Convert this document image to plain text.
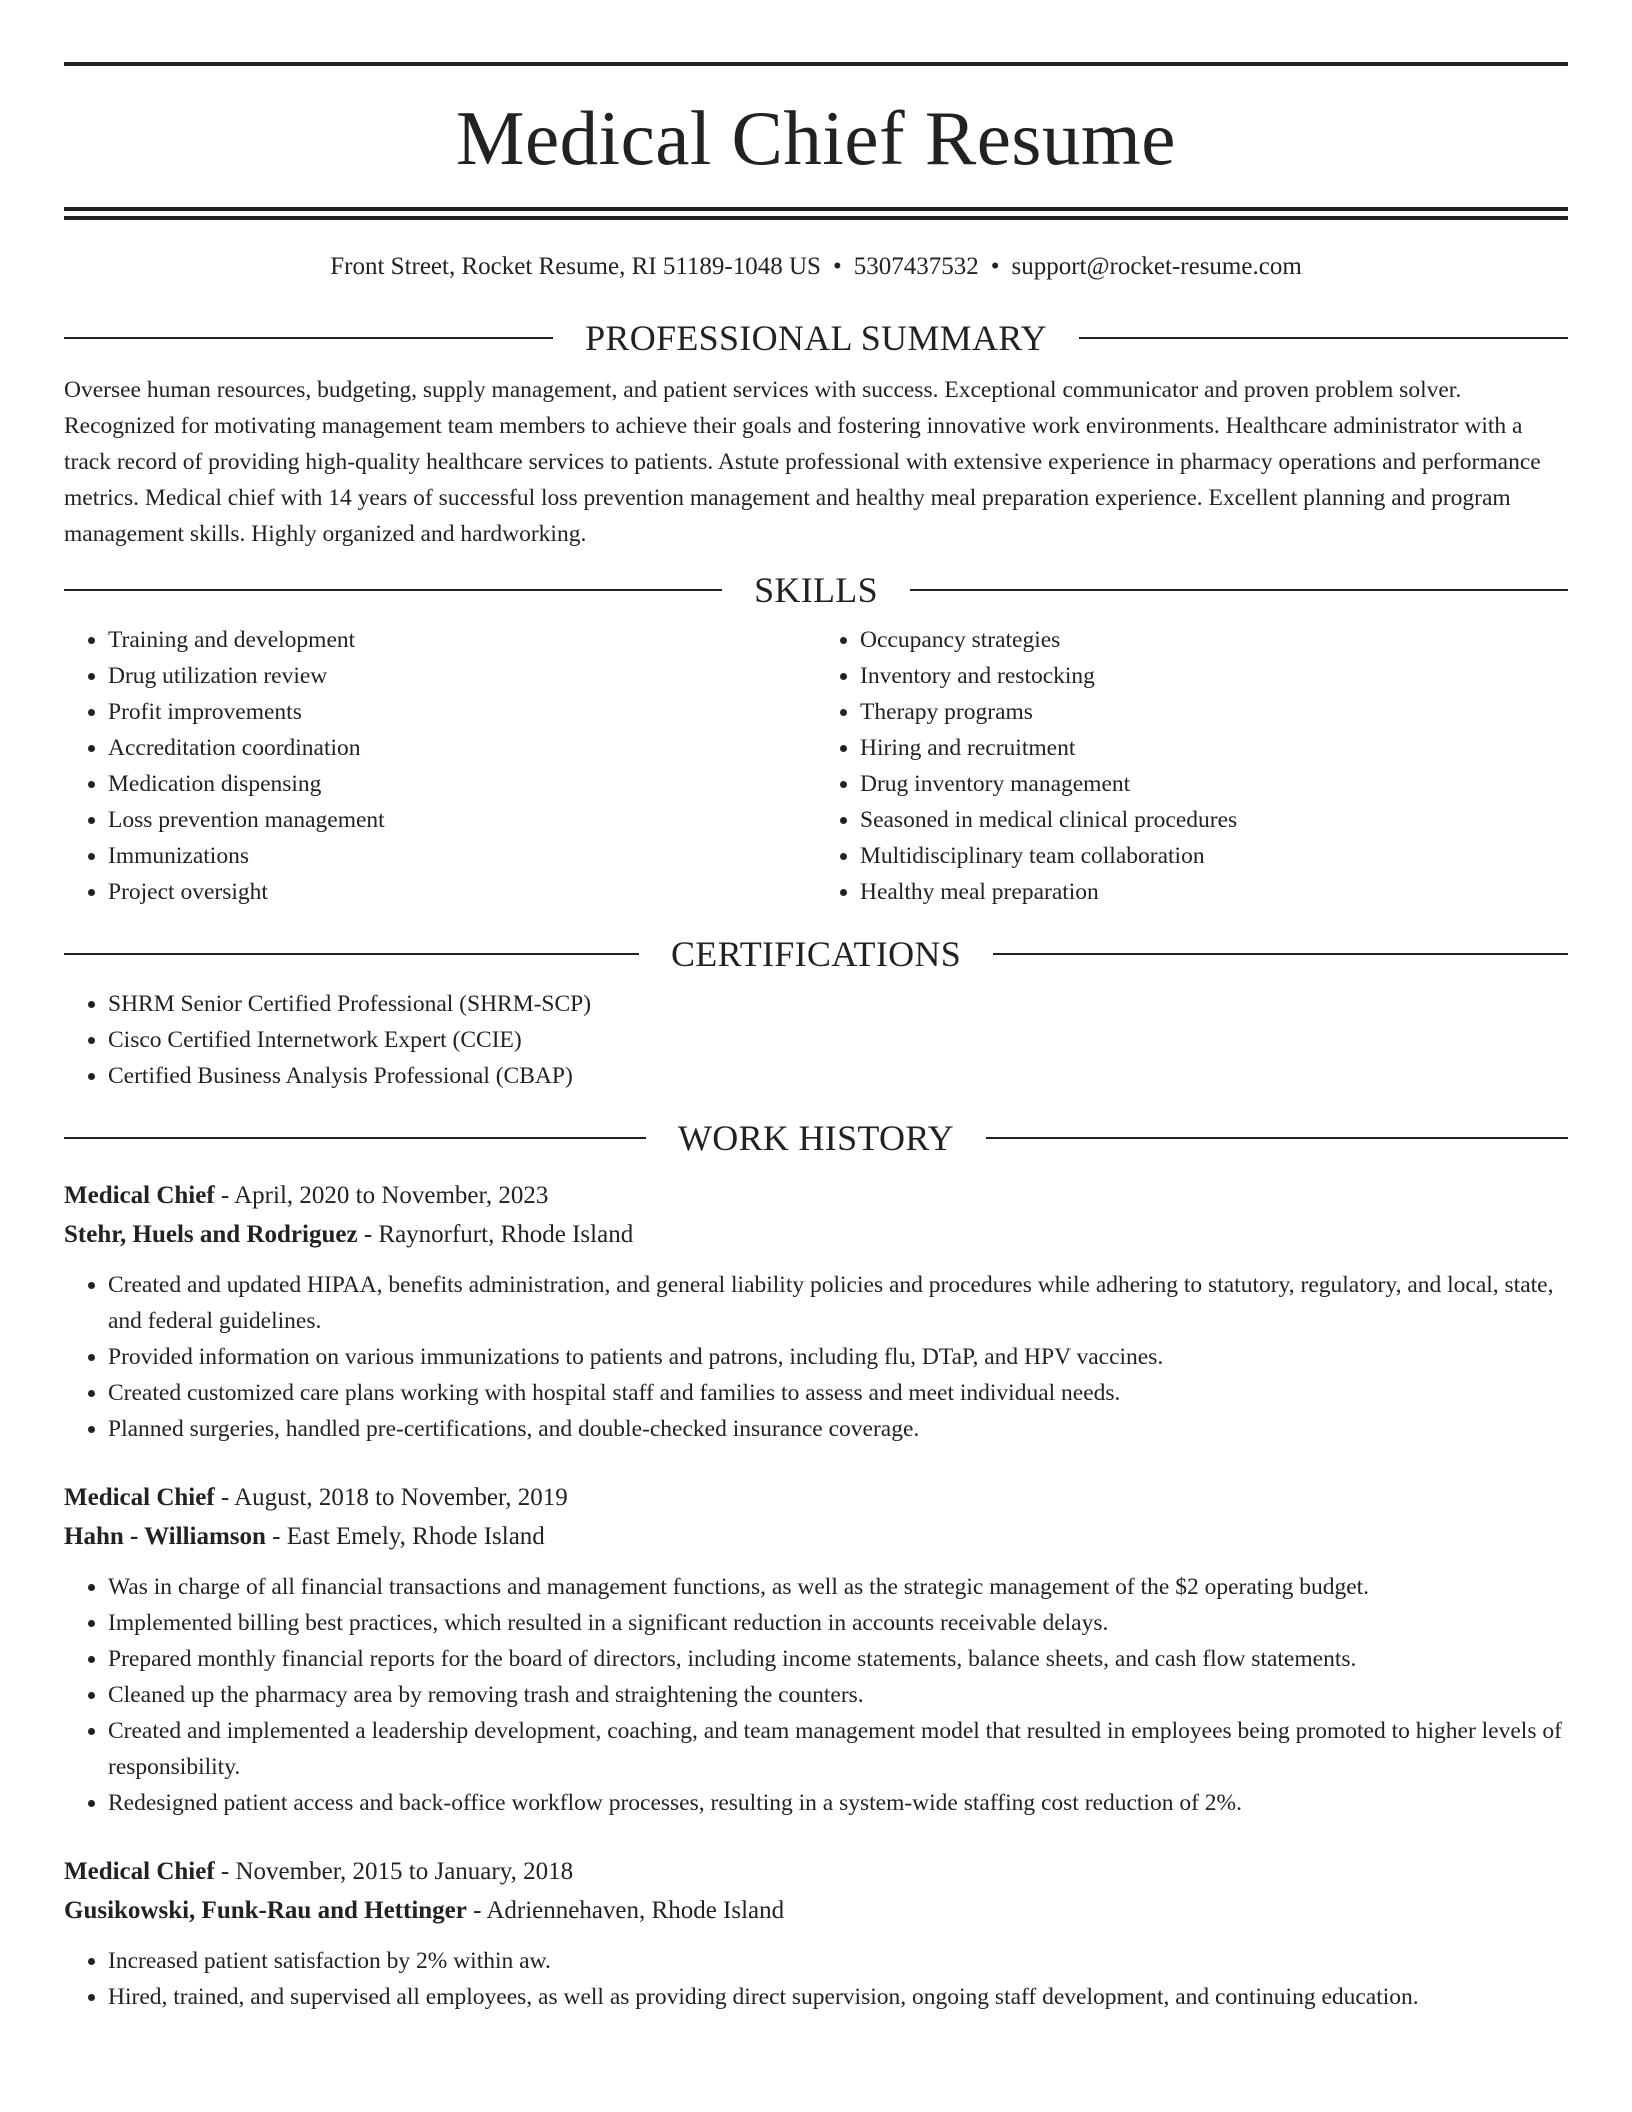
Medical Chief Resume
Front Street, Rocket Resume, RI 51189-1048 US • 5307437532 • support@rocket-resume.com
PROFESSIONAL SUMMARY

Oversee human resources, budgeting, supply management, and patient services with success. Exceptional communicator and proven problem solver. Recognized for motivating management team members to achieve their goals and fostering innovative work environments. Healthcare administrator with a track record of providing high-quality healthcare services to patients. Astute professional with extensive experience in pharmacy operations and performance metrics. Medical chief with 14 years of successful loss prevention management and healthy meal preparation experience. Excellent planning and program management skills. Highly organized and hardworking.

SKILLS
• Training and development
• Drug utilization review
• Profit improvements
• Accreditation coordination
• Medication dispensing
• Loss prevention management
• Immunizations
• Project oversight
• Occupancy strategies
• Inventory and restocking
• Therapy programs
• Hiring and recruitment
• Drug inventory management
• Seasoned in medical clinical procedures
• Multidisciplinary team collaboration
• Healthy meal preparation
CERTIFICATIONS
• SHRM Senior Certified Professional (SHRM-SCP)
• Cisco Certified Internetwork Expert (CCIE)
• Certified Business Analysis Professional (CBAP)
WORK HISTORY
Medical Chief - April, 2020 to November, 2023
Stehr, Huels and Rodriguez - Raynorfurt, Rhode Island
• Created and updated HIPAA, benefits administration, and general liability policies and procedures while adhering to statutory, regulatory, and local, state, and federal guidelines.
• Provided information on various immunizations to patients and patrons, including flu, DTaP, and HPV vaccines.
• Created customized care plans working with hospital staff and families to assess and meet individual needs.
• Planned surgeries, handled pre-certifications, and double-checked insurance coverage.
Medical Chief - August, 2018 to November, 2019
Hahn - Williamson - East Emely, Rhode Island
• Was in charge of all financial transactions and management functions, as well as the strategic management of the $2 operating budget.
• Implemented billing best practices, which resulted in a significant reduction in accounts receivable delays.
• Prepared monthly financial reports for the board of directors, including income statements, balance sheets, and cash flow statements.
• Cleaned up the pharmacy area by removing trash and straightening the counters.
• Created and implemented a leadership development, coaching, and team management model that resulted in employees being promoted to higher levels of responsibility.
• Redesigned patient access and back-office workflow processes, resulting in a system-wide staffing cost reduction of 2%.
Medical Chief - November, 2015 to January, 2018
Gusikowski, Funk-Rau and Hettinger - Adriennehaven, Rhode Island
• Increased patient satisfaction by 2% within aw.
• Hired, trained, and supervised all employees, as well as providing direct supervision, ongoing staff development, and continuing education.
